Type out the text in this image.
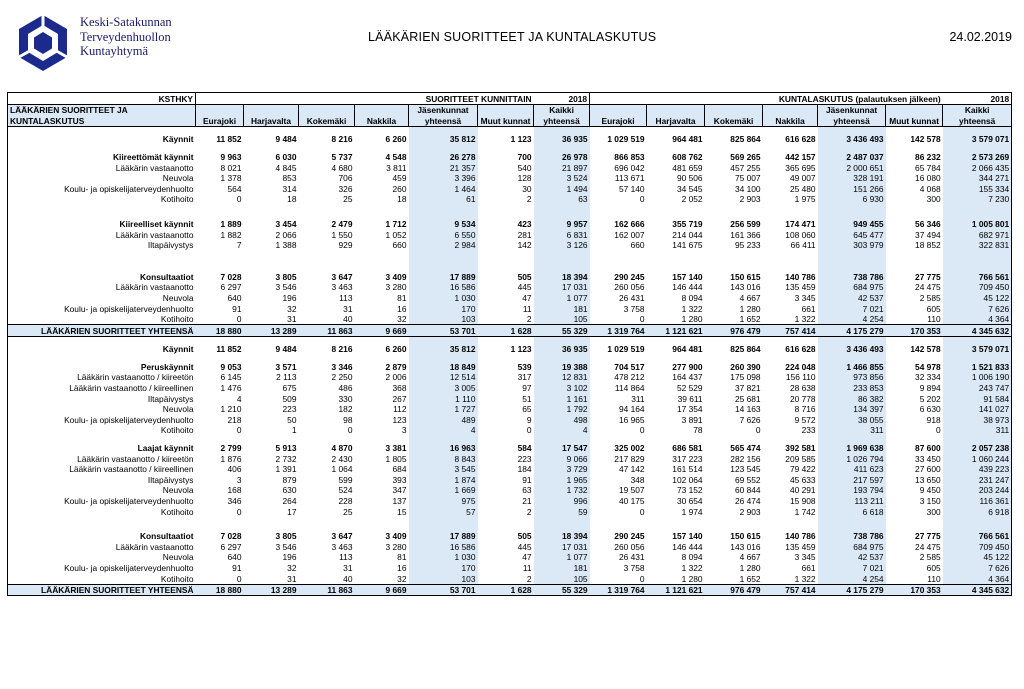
Keski-Satakunnan
Terveydenhuollon
Kuntayhtymä
LÄÄKÄRIEN SUORITTEET JA KUNTALASKUTUS	24.02.2019
KSTHKY	SUORITTEET KUNNITTAIN						2018	KUNTALASKUTUS (palautuksen jälkeen)						2018
LÄÄKÄRIEN SUORITTEET JA					Jäsenkunnat		Kaikki					Jäsenkunnat		Kaikki
KUNTALASKUTUS	Eurajoki	Harjavalta	Kokemäki	Nakkila	yhteensä	Muut kunnat	yhteensä	Eurajoki	Harjavalta	Kokemäki	Nakkila	yhteensä	Muut kunnat	yhteensä

Käynnit	11 852	9 484	8 216	6 260	35 812	1 123	36 935	1 029 519	964 481	825 864	616 628	3 436 493	142 578	3 579 071

Kiireettömät käynnit	9 963	6 030	5 737	4 548	26 278	700	26 978	866 853	608 762	569 265	442 157	2 487 037	86 232	2 573 269
Lääkärin vastaanotto	8 021	4 845	4 680	3 811	21 357	540	21 897	696 042	481 659	457 255	365 695	2 000 651	65 784	2 066 435
Neuvola	1 378	853	706	459	3 396	128	3 524	113 671	90 506	75 007	49 007	328 191	16 080	344 271
Koulu- ja opiskelijaterveydenhuolto	564	314	326	260	1 464	30	1 494	57 140	34 545	34 100	25 480	151 266	4 068	155 334
Kotihoito	0	18	25	18	61	2	63	0	2 052	2 903	1 975	6 930	300	7 230

Kiireelliset käynnit	1 889	3 454	2 479	1 712	9 534	423	9 957	162 666	355 719	256 599	174 471	949 455	56 346	1 005 801
Lääkärin vastaanotto	1 882	2 066	1 550	1 052	6 550	281	6 831	162 007	214 044	161 366	108 060	645 477	37 494	682 971
Iltapäivystys	7	1 388	929	660	2 984	142	3 126	660	141 675	95 233	66 411	303 979	18 852	322 831

Konsultaatiot	7 028	3 805	3 647	3 409	17 889	505	18 394	290 245	157 140	150 615	140 786	738 786	27 775	766 561
Lääkärin vastaanotto	6 297	3 546	3 463	3 280	16 586	445	17 031	260 056	146 444	143 016	135 459	684 975	24 475	709 450
Neuvola	640	196	113	81	1 030	47	1 077	26 431	8 094	4 667	3 345	42 537	2 585	45 122
Koulu- ja opiskelijaterveydenhuolto	91	32	31	16	170	11	181	3 758	1 322	1 280	661	7 021	605	7 626
Kotihoito	0	31	40	32	103	2	105	0	1 280	1 652	1 322	4 254	110	4 364
LÄÄKÄRIEN SUORITTEET YHTEENSÄ	18 880	13 289	11 863	9 669	53 701	1 628	55 329	1 319 764	1 121 621	976 479	757 414	4 175 279	170 353	4 345 632

Käynnit	11 852	9 484	8 216	6 260	35 812	1 123	36 935	1 029 519	964 481	825 864	616 628	3 436 493	142 578	3 579 071

Peruskäynnit	9 053	3 571	3 346	2 879	18 849	539	19 388	704 517	277 900	260 390	224 048	1 466 855	54 978	1 521 833
Lääkärin vastaanotto / kiireetön	6 145	2 113	2 250	2 006	12 514	317	12 831	478 212	164 437	175 098	156 110	973 856	32 334	1 006 190
Lääkärin vastaanotto / kiireellinen	1 476	675	486	368	3 005	97	3 102	114 864	52 529	37 821	28 638	233 853	9 894	243 747
Iltapäivystys	4	509	330	267	1 110	51	1 161	311	39 611	25 681	20 778	86 382	5 202	91 584
Neuvola	1 210	223	182	112	1 727	65	1 792	94 164	17 354	14 163	8 716	134 397	6 630	141 027
Koulu- ja opiskelijaterveydenhuolto	218	50	98	123	489	9	498	16 965	3 891	7 626	9 572	38 055	918	38 973
Kotihoito	0	1	0	3	4	0	4	0	78	0	233	311	0	311

Laajat käynnit	2 799	5 913	4 870	3 381	16 963	584	17 547	325 002	686 581	565 474	392 581	1 969 638	87 600	2 057 238
Lääkärin vastaanotto / kiireetön	1 876	2 732	2 430	1 805	8 843	223	9 066	217 829	317 223	282 156	209 585	1 026 794	33 450	1 060 244
Lääkärin vastaanotto / kiireellinen	406	1 391	1 064	684	3 545	184	3 729	47 142	161 514	123 545	79 422	411 623	27 600	439 223
Iltapäivystys	3	879	599	393	1 874	91	1 965	348	102 064	69 552	45 633	217 597	13 650	231 247
Neuvola	168	630	524	347	1 669	63	1 732	19 507	73 152	60 844	40 291	193 794	9 450	203 244
Koulu- ja opiskelijaterveydenhuolto	346	264	228	137	975	21	996	40 175	30 654	26 474	15 908	113 211	3 150	116 361
Kotihoito	0	17	25	15	57	2	59	0	1 974	2 903	1 742	6 618	300	6 918

Konsultaatiot	7 028	3 805	3 647	3 409	17 889	505	18 394	290 245	157 140	150 615	140 786	738 786	27 775	766 561
Lääkärin vastaanotto	6 297	3 546	3 463	3 280	16 586	445	17 031	260 056	146 444	143 016	135 459	684 975	24 475	709 450
Neuvola	640	196	113	81	1 030	47	1 077	26 431	8 094	4 667	3 345	42 537	2 585	45 122
Koulu- ja opiskelijaterveydenhuolto	91	32	31	16	170	11	181	3 758	1 322	1 280	661	7 021	605	7 626
Kotihoito	0	31	40	32	103	2	105	0	1 280	1 652	1 322	4 254	110	4 364
LÄÄKÄRIEN SUORITTEET YHTEENSÄ	18 880	13 289	11 863	9 669	53 701	1 628	55 329	1 319 764	1 121 621	976 479	757 414	4 175 279	170 353	4 345 632
